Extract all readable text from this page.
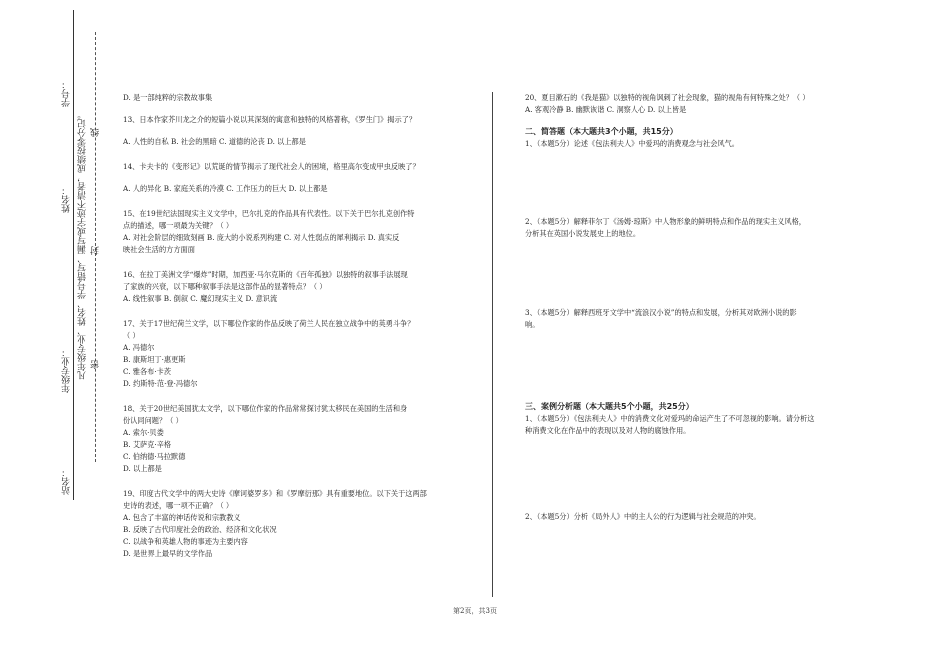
学号：
姓名：
年级专业：
站名：
凡年级专业、姓名、学号错写、漏写或字迹不清者，成绩按零分记。 密
封
线

D. 是一部纯粹的宗教故事集

13、日本作家芥川龙之介的短篇小说以其深刻的寓意和独特的风格著称，《罗生门》揭示了？

A. 人性的自私 B. 社会的黑暗 C. 道德的沦丧 D. 以上都是

14、卡夫卡的《变形记》以荒诞的情节揭示了现代社会人的困境，格里高尔变成甲虫反映了？

A. 人的异化 B. 家庭关系的冷漠 C. 工作压力的巨大 D. 以上都是

15、在19世纪法国现实主义文学中，巴尔扎克的作品具有代表性。以下关于巴尔扎克创作特

点的描述，哪一项最为关键？（ ）

A. 对社会阶层的细致刻画 B. 庞大的小说系列构建 C. 对人性弱点的犀利揭示 D. 真实反

映社会生活的方方面面

16、在拉丁美洲文学“爆炸”时期，加西亚·马尔克斯的《百年孤独》以独特的叙事手法展现

了家族的兴衰，以下哪种叙事手法是这部作品的显著特点？（ ）

A. 线性叙事 B. 倒叙 C. 魔幻现实主义 D. 意识流

17、关于17世纪荷兰文学，以下哪位作家的作品反映了荷兰人民在独立战争中的英勇斗争？

（ ）

A. 冯德尔

B. 康斯坦丁·惠更斯

C. 雅各布·卡茨

D. 约斯特·范·登·冯德尔

18、关于20世纪美国犹太文学，以下哪位作家的作品常常探讨犹太移民在美国的生活和身

份认同问题？（ ）

A. 索尔·贝娄

B. 艾萨克·辛格

C. 伯纳德·马拉默德

D. 以上都是

19、印度古代文学中的两大史诗《摩诃婆罗多》和《罗摩衍那》具有重要地位。以下关于这两部

史诗的表述，哪一项不正确？（ ）

A. 包含了丰富的神话传说和宗教教义

B. 反映了古代印度社会的政治、经济和文化状况

C. 以战争和英雄人物的事迹为主要内容

D. 是世界上最早的文学作品

20、夏目漱石的《我是猫》以独特的视角讽刺了社会现象，猫的视角有何特殊之处？（ ）

A. 客观冷静 B. 幽默诙谐 C. 洞察人心 D. 以上皆是

二、简答题（本大题共3个小题，共15分）

1、（本题5分）论述《包法利夫人》中爱玛的消费观念与社会风气。

2、（本题5分）解释菲尔丁《汤姆·琼斯》中人物形象的鲜明特点和作品的现实主义风格，

分析其在英国小说发展史上的地位。

3、（本题5分）解释西班牙文学中“流浪汉小说”的特点和发展，分析其对欧洲小说的影

响。

三、案例分析题（本大题共5个小题，共25分）

1、（本题5分）《包法利夫人》中的消费文化对爱玛的命运产生了不可忽视的影响。请分析这

种消费文化在作品中的表现以及对人物的腐蚀作用。

2、（本题5分）分析《局外人》中的主人公的行为逻辑与社会规范的冲突。

第2页，共3页
